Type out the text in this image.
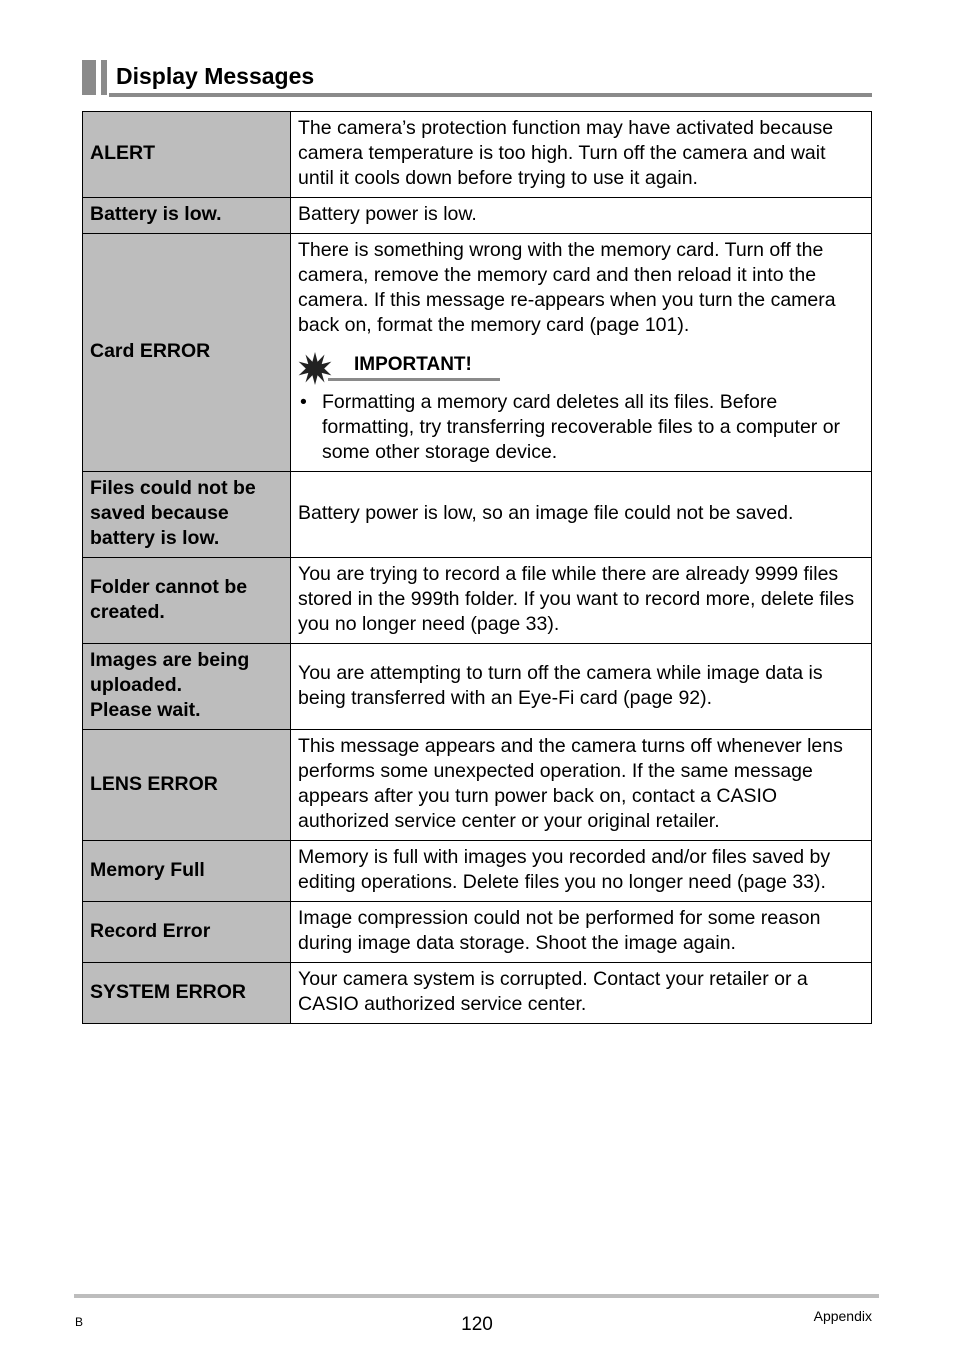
Display Messages
ALERT	The camera’s protection function may have activated because camera temperature is too high. Turn off the camera and wait until it cools down before trying to use it again.
Battery is low.	Battery power is low.
Card ERROR	There is something wrong with the memory card. Turn off the camera, remove the memory card and then reload it into the camera. If this message re-appears when you turn the camera back on, format the memory card (page 101).
IMPORTANT!
• Formatting a memory card deletes all its files. Before formatting, try transferring recoverable files to a computer or some other storage device.

Files could not be saved because battery is low.	Battery power is low, so an image file could not be saved.
Folder cannot be created.	You are trying to record a file while there are already 9999 files stored in the 999th folder. If you want to record more, delete files you no longer need (page 33).

Images are being uploaded.
Please wait.	You are attempting to turn off the camera while image data is being transferred with an Eye-Fi card (page 92).
LENS ERROR	This message appears and the camera turns off whenever lens performs some unexpected operation. If the same message appears after you turn power back on, contact a CASIO authorized service center or your original retailer.
Memory Full	Memory is full with images you recorded and/or files saved by editing operations. Delete files you no longer need (page 33).
Record Error	Image compression could not be performed for some reason during image data storage. Shoot the image again.
SYSTEM ERROR	Your camera system is corrupted. Contact your retailer or a CASIO authorized service center.
B	120	Appendix
